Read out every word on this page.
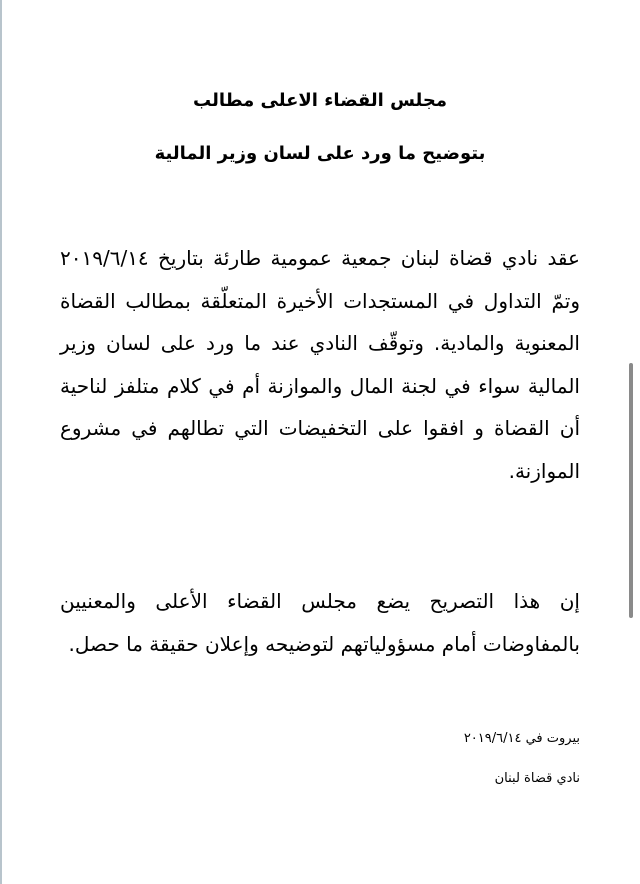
مجلس القضاء الاعلى مطالب
بتوضيح ما ورد على لسان وزير المالية

عقد نادي قضاة لبنان جمعية عمومية طارئة بتاريخ ٢٠١٩/٦/١٤ وتمّ التداول في المستجدات الأخيرة المتعلّقة بمطالب القضاة المعنوية والمادية. وتوقّف النادي عند ما ورد على لسان وزير المالية سواء في لجنة المال والموازنة أم في كلام متلفز لناحية أن القضاة و افقوا على التخفيضات التي تطالهم في مشروع الموازنة.

إن هذا التصريح يضع مجلس القضاء الأعلى والمعنيين بالمفاوضات أمام مسؤولياتهم لتوضيحه وإعلان حقيقة ما حصل.

بيروت في ٢٠١٩/٦/١٤

نادي قضاة لبنان
